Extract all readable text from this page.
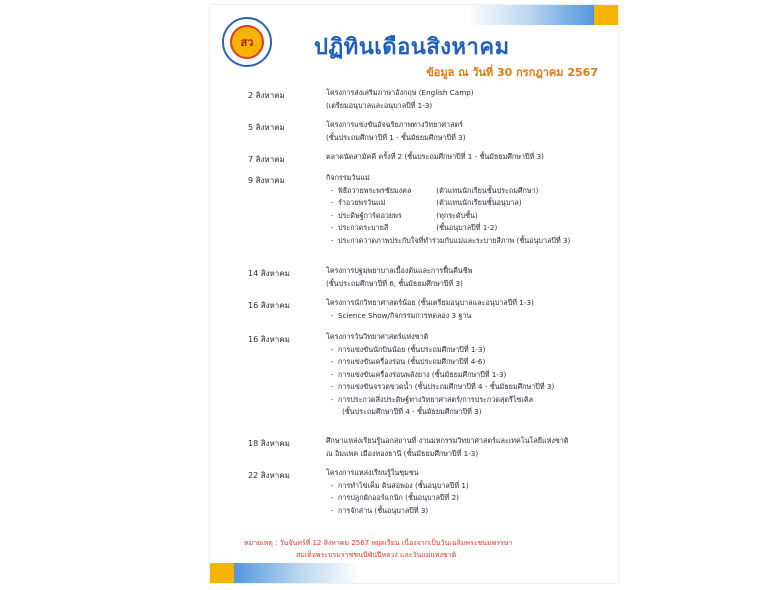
สว	ปฏิทินเดือนสิงหาคม
ข้อมูล ณ วันที่ 30 กรกฎาคม 2567
2 สิงหาคม	โครงการส่งเสริมภาษาอังกฤษ (English Camp)
(เตรียมอนุบาลและอนุบาลปีที่ 1-3)
5 สิงหาคม	โครงการแข่งขันอัจฉริยภาพทางวิทยาศาสตร์
(ชั้นประถมศึกษาปีที่ 1 - ชั้นมัธยมศึกษาปีที่ 3)
7 สิงหาคม	ตลาดนัดสามัคคี ครั้งที่ 2 (ชั้นประถมศึกษาปีที่ 1 - ชั้นมัธยมศึกษาปีที่ 3)
9 สิงหาคม	กิจกรรมวันแม่
- พิธีถวายพระพรชัยมงคล	(ตัวแทนนักเรียนชั้นประถมศึกษา)
- รำอวยพรวันแม่	(ตัวแทนนักเรียนชั้นอนุบาล)
- ประดิษฐ์การ์ดอวยพร	(ทุกระดับชั้น)
- ประกวดระบายสี	(ชั้นอนุบาลปีที่ 1-2)
- ประกวดวาดภาพประกับใจที่ทำร่วมกับแม่และระบายสีภาพ (ชั้นอนุบาลปีที่ 3)
14 สิงหาคม	โครงการปฐมพยาบาลเบื้องต้นและการฟื้นคืนชีพ
(ชั้นประถมศึกษาปีที่ 6, ชั้นมัธยมศึกษาปีที่ 3)
16 สิงหาคม	โครงการนักวิทยาศาสตร์น้อย (ชั้นเตรียมอนุบาลและอนุบาลปีที่ 1-3)
- Science Show/กิจกรรมการทดลอง 3 ฐาน
16 สิงหาคม	โครงการวันวิทยาศาสตร์แห่งชาติ
- การแข่งขันนักบินน้อย (ชั้นประถมศึกษาปีที่ 1-3)
- การแข่งขันเครื่องร่อน (ชั้นประถมศึกษาปีที่ 4-6)
- การแข่งขันเครื่องร่อนพลังยาง (ชั้นมัธยมศึกษาปีที่ 1-3)
- การแข่งขันจรวดขวดน้ำ (ชั้นประถมศึกษาปีที่ 4 - ชั้นมัธยมศึกษาปีที่ 3)
- การประกวดสิ่งประดิษฐ์ทางวิทยาศาสตร์/การประกวดสุดรีไซเคิล
(ชั้นประถมศึกษาปีที่ 4 - ชั้นมัธยมศึกษาปีที่ 3)
18 สิงหาคม	ศึกษาแหล่งเรียนรู้นอกสถานที่ งานมหกรรมวิทยาศาสตร์และเทคโนโลยีแห่งชาติ
ณ อิมแพค เมืองทองธานี (ชั้นมัธยมศึกษาปีที่ 1-3)
22 สิงหาคม	โครงการแหล่งเรียนรู้ในชุมชน
- การทำไข่เค็ม ดินสอพอง (ชั้นอนุบาลปีที่ 1)
- การปลูกผักออร์แกนิก (ชั้นอนุบาลปีที่ 2)
- การจักสาน (ชั้นอนุบาลปีที่ 3)
หมายเหตุ : วันจันทร์ที่ 12 สิงหาคม 2567 หยุดเรียน เนื่องจากเป็นวันเฉลิมพระชนมพรรษา
สมเด็จพระบรมราชชนนีพันปีหลวง และวันแม่แห่งชาติ
